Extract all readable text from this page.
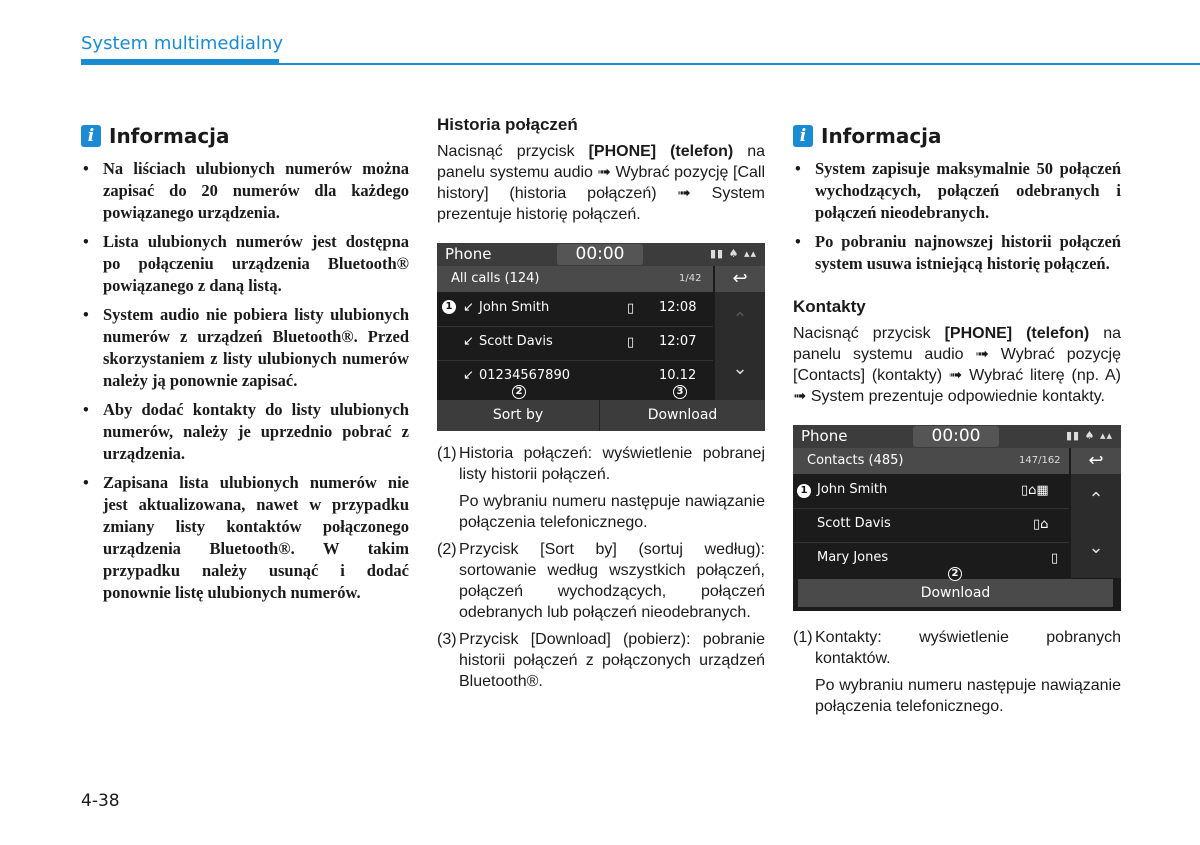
System multimedialny
i Informacja
• Na liściach ulubionych numerów można zapisać do 20 numerów dla każdego powiązanego urządzenia.
• Lista ulubionych numerów jest dostępna po połączeniu urządzenia Bluetooth® powiązanego z daną listą.
• System audio nie pobiera listy ulubionych numerów z urządzeń Bluetooth®. Przed skorzystaniem z listy ulubionych numerów należy ją ponownie zapisać.
• Aby dodać kontakty do listy ulubionych numerów, należy je uprzednio pobrać z urządzenia.
• Zapisana lista ulubionych numerów nie jest aktualizowana, nawet w przypadku zmiany listy kontaktów połączonego urządzenia Bluetooth®. W takim przypadku należy usunąć i dodać ponownie listę ulubionych numerów.
Historia połączeń

Nacisnąć przycisk [PHONE] (telefon) na panelu systemu audio ➟ Wybrać pozycję [Call history] (historia połączeń) ➟ System prezentuje historię połączeń.

Phone	00:00	▮▮ ♠ ▴▴
All calls (124)	1/42	↩
⌃
⌄
↙ John Smith	▯ 12:08
↙ Scott Davis	▯ 12:07
↙ 01234567890	10.12
Sort by	Download
1
2	3
(1) Historia połączeń: wyświetlenie pobranej listy historii połączeń.
Po wybraniu numeru następuje nawiązanie połączenia telefonicznego.
(2) Przycisk [Sort by] (sortuj według): sortowanie według wszystkich połączeń, połączeń wychodzących, połączeń odebranych lub połączeń nieodebranych.
(3) Przycisk [Download] (pobierz): pobranie historii połączeń z połączonych urządzeń Bluetooth®.
i Informacja
• System zapisuje maksymalnie 50 połączeń wychodzących, połączeń odebranych i połączeń nieodebranych.
• Po pobraniu najnowszej historii połączeń system usuwa istniejącą historię połączeń.
Kontakty

Nacisnąć przycisk [PHONE] (telefon) na panelu systemu audio ➟ Wybrać pozycję [Contacts] (kontakty) ➟ Wybrać literę (np. A) ➟ System prezentuje odpowiednie kontakty.

Phone	00:00	▮▮ ♠ ▴▴
Contacts (485)	147/162	↩
⌃
⌄
John Smith	▯⌂▦
Scott Davis	▯⌂
Mary Jones	▯
Download
1
2
(1) Kontakty: wyświetlenie pobranych kontaktów.
Po wybraniu numeru następuje nawiązanie połączenia telefonicznego.
4-38
